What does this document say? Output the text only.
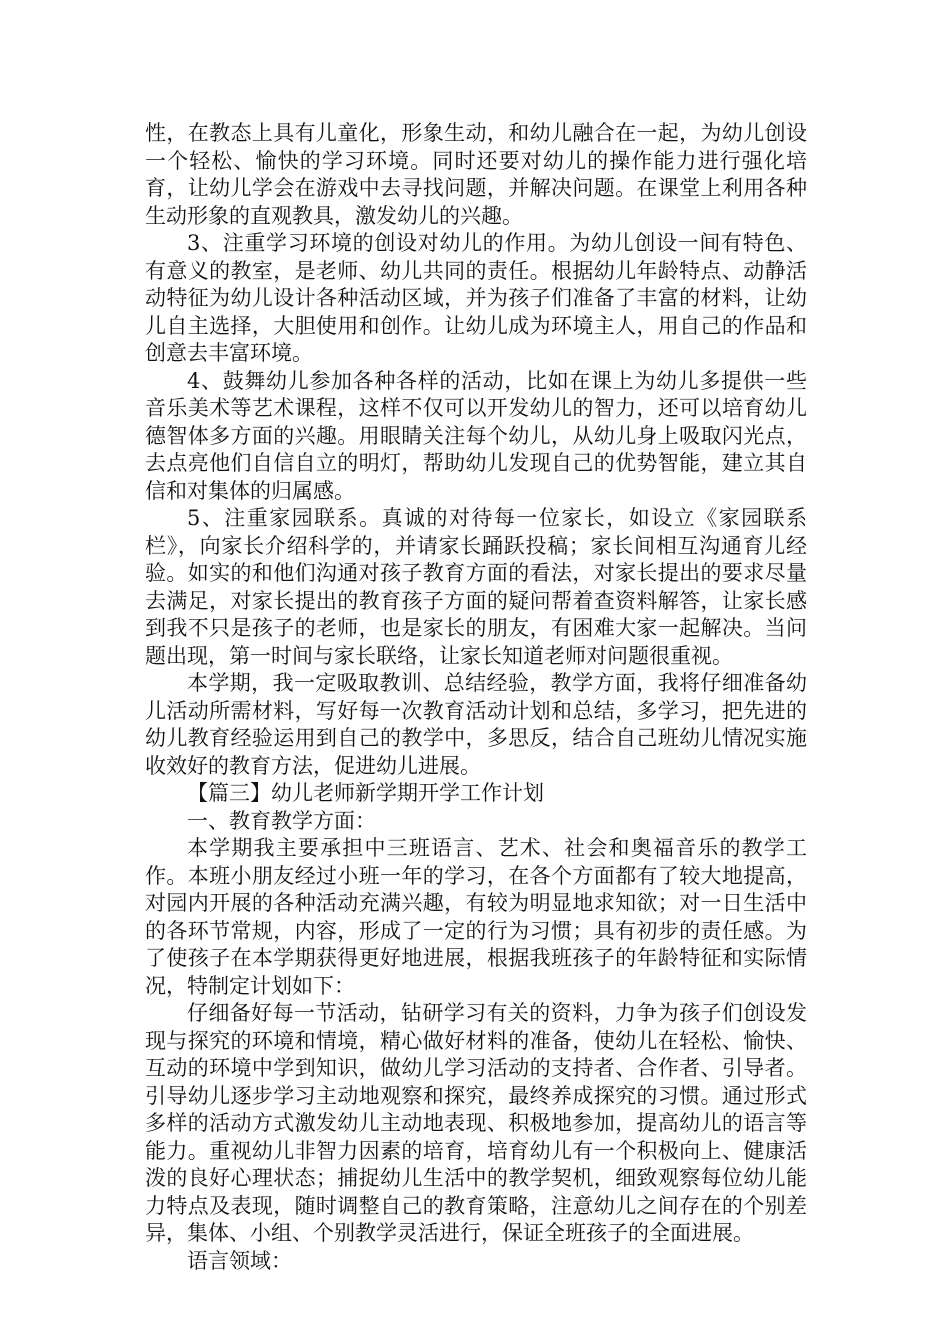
性，在教态上具有儿童化，形象生动，和幼儿融合在一起，为幼儿创设一个轻松、愉快的学习环境。同时还要对幼儿的操作能力进行强化培育，让幼儿学会在游戏中去寻找问题，并解决问题。在课堂上利用各种生动形象的直观教具，激发幼儿的兴趣。

3、注重学习环境的创设对幼儿的作用。为幼儿创设一间有特色、有意义的教室，是老师、幼儿共同的责任。根据幼儿年龄特点、动静活动特征为幼儿设计各种活动区域，并为孩子们准备了丰富的材料，让幼儿自主选择，大胆使用和创作。让幼儿成为环境主人，用自己的作品和创意去丰富环境。

4、鼓舞幼儿参加各种各样的活动，比如在课上为幼儿多提供一些音乐美术等艺术课程，这样不仅可以开发幼儿的智力，还可以培育幼儿德智体多方面的兴趣。用眼睛关注每个幼儿，从幼儿身上吸取闪光点，去点亮他们自信自立的明灯，帮助幼儿发现自己的优势智能，建立其自信和对集体的归属感。

5、注重家园联系。真诚的对待每一位家长，如设立《家园联系栏》，向家长介绍科学的，并请家长踊跃投稿；家长间相互沟通育儿经验。如实的和他们沟通对孩子教育方面的看法，对家长提出的要求尽量去满足，对家长提出的教育孩子方面的疑问帮着查资料解答，让家长感到我不只是孩子的老师，也是家长的朋友，有困难大家一起解决。当问题出现，第一时间与家长联络，让家长知道老师对问题很重视。

本学期，我一定吸取教训、总结经验，教学方面，我将仔细准备幼儿活动所需材料，写好每一次教育活动计划和总结，多学习，把先进的幼儿教育经验运用到自己的教学中，多思反，结合自己班幼儿情况实施收效好的教育方法，促进幼儿进展。

【篇三】幼儿老师新学期开学工作计划

一、教育教学方面：

本学期我主要承担中三班语言、艺术、社会和奥福音乐的教学工作。本班小朋友经过小班一年的学习，在各个方面都有了较大地提高，对园内开展的各种活动充满兴趣，有较为明显地求知欲；对一日生活中的各环节常规，内容，形成了一定的行为习惯；具有初步的责任感。为了使孩子在本学期获得更好地进展，根据我班孩子的年龄特征和实际情况，特制定计划如下：

仔细备好每一节活动，钻研学习有关的资料，力争为孩子们创设发现与探究的环境和情境，精心做好材料的准备，使幼儿在轻松、愉快、互动的环境中学到知识，做幼儿学习活动的支持者、合作者、引导者。引导幼儿逐步学习主动地观察和探究，最终养成探究的习惯。通过形式多样的活动方式激发幼儿主动地表现、积极地参加，提高幼儿的语言等能力。重视幼儿非智力因素的培育，培育幼儿有一个积极向上、健康活泼的良好心理状态；捕捉幼儿生活中的教学契机，细致观察每位幼儿能力特点及表现，随时调整自己的教育策略，注意幼儿之间存在的个别差异，集体、小组、个别教学灵活进行，保证全班孩子的全面进展。

语言领域：
